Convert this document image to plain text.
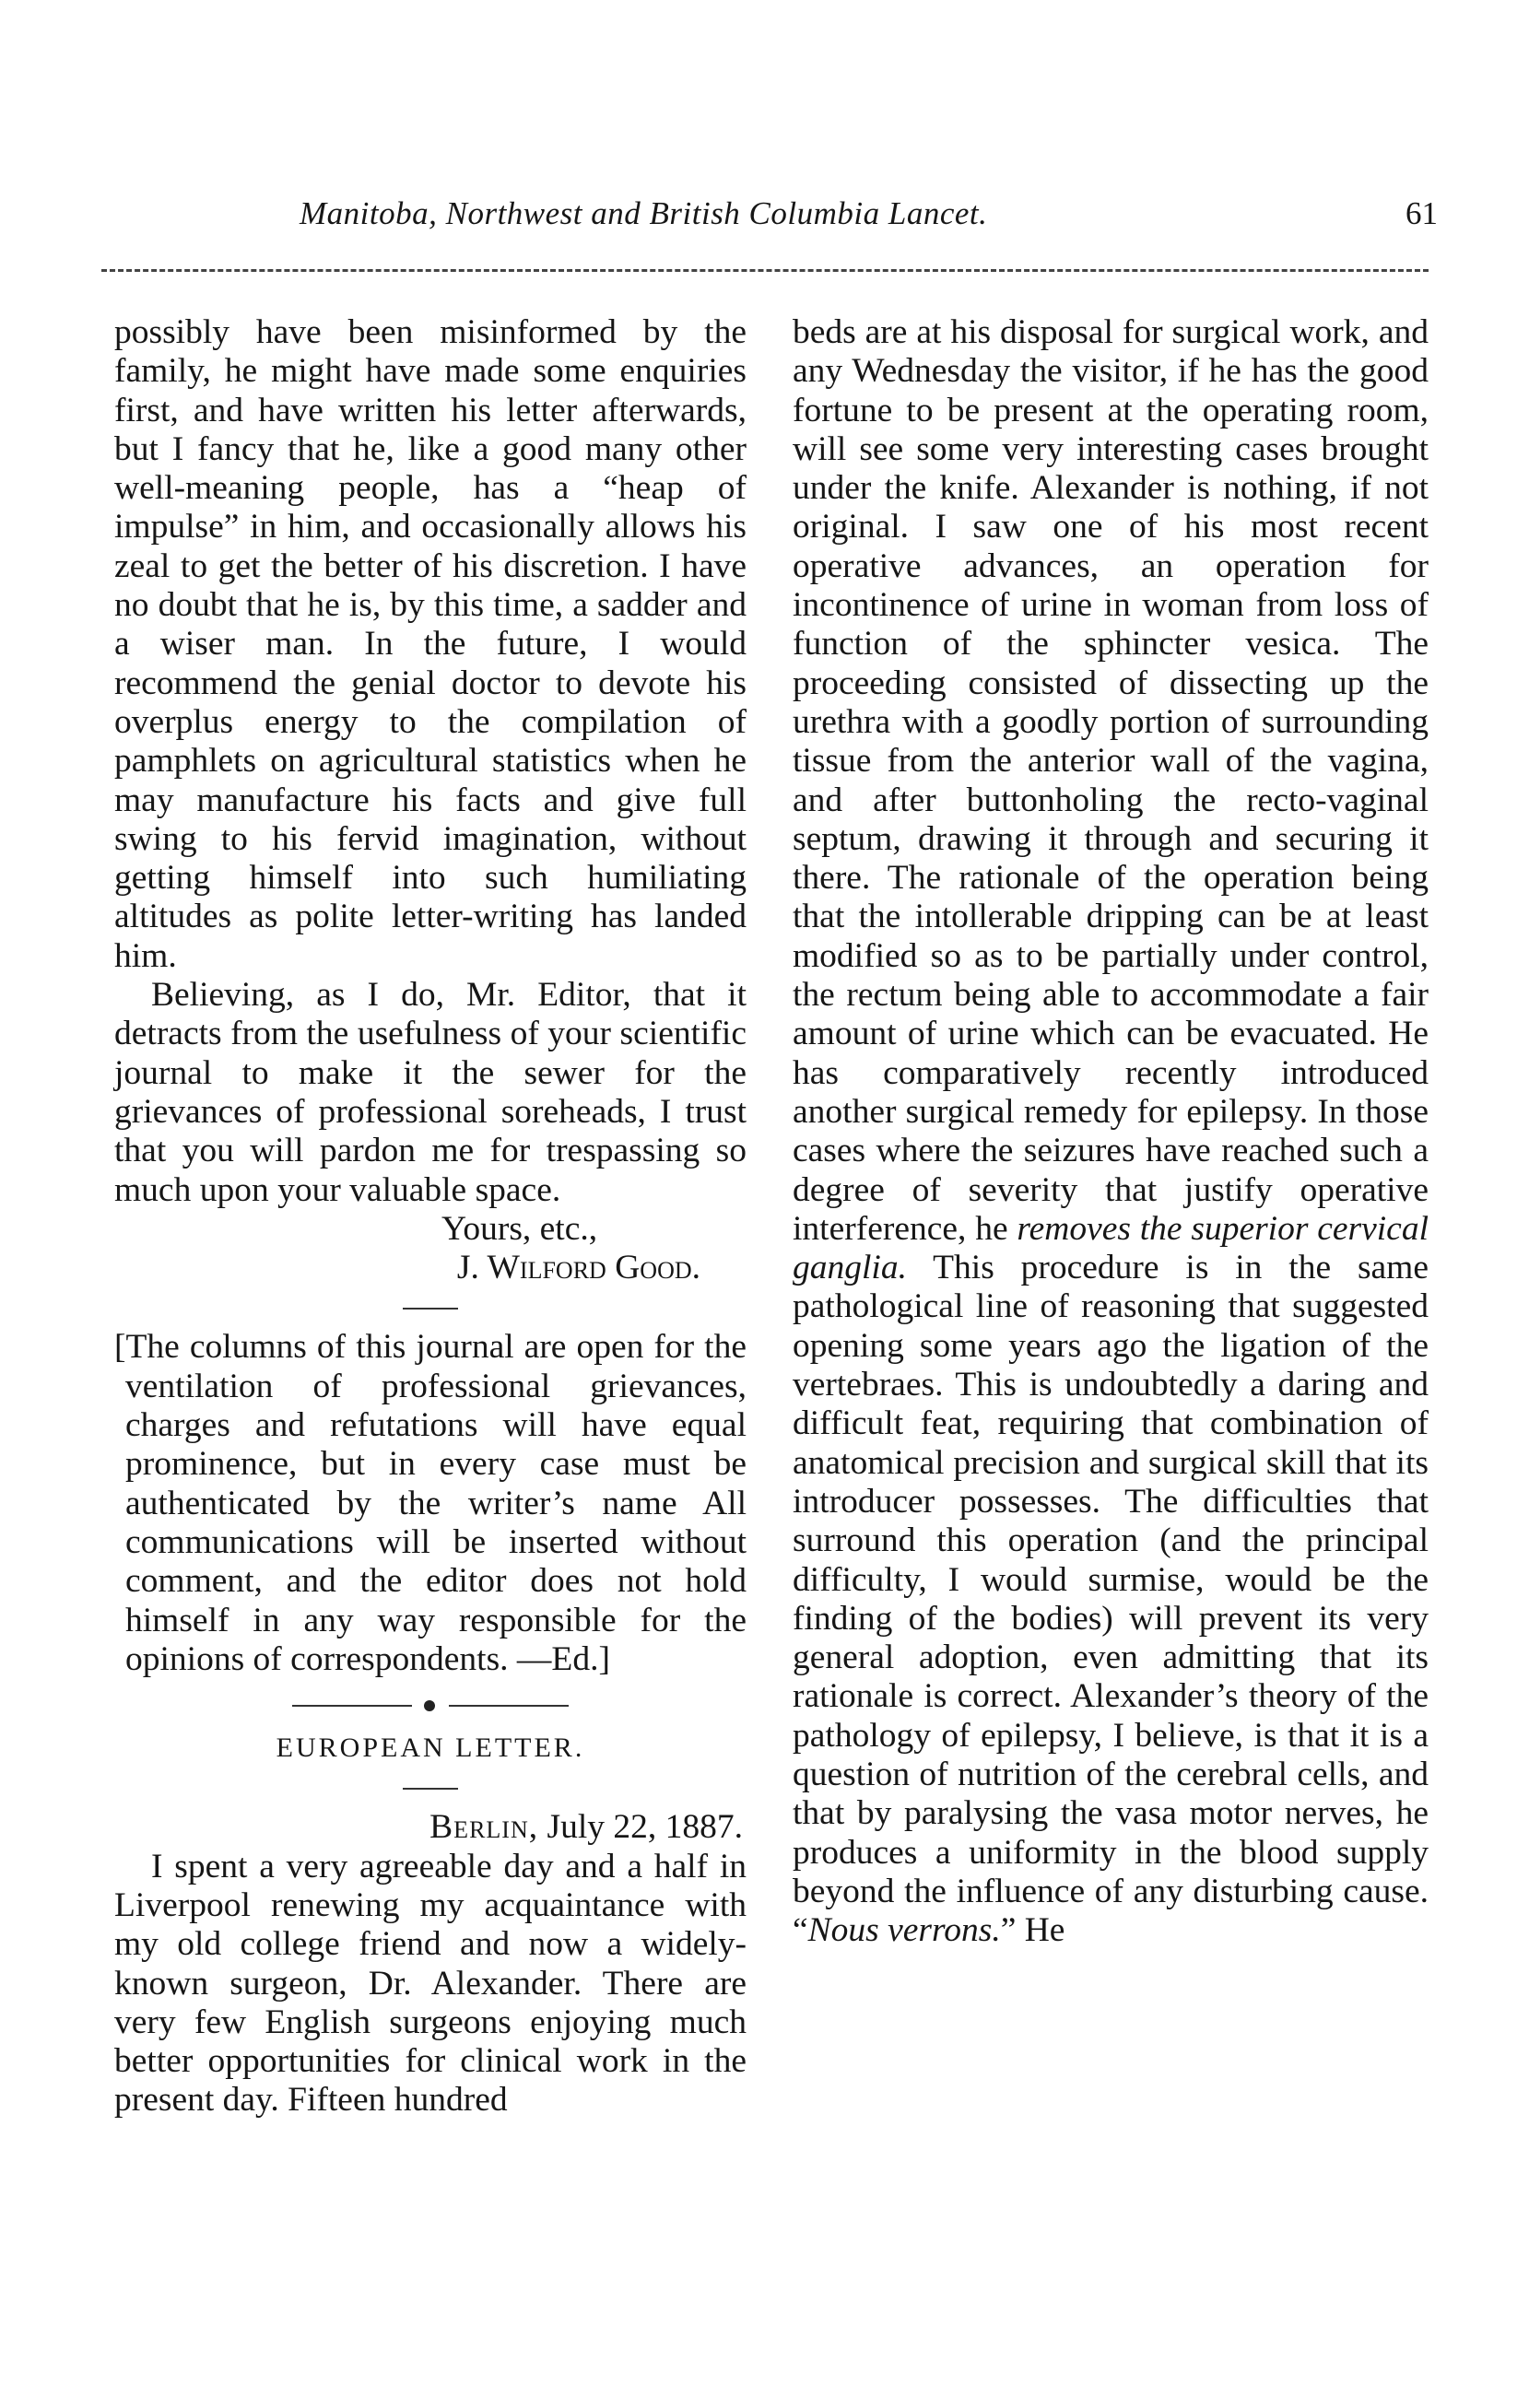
Manitoba, Northwest and British Columbia Lancet.	61

possibly have been misinformed by the family, he might have made some enquiries first, and have written his letter afterwards, but I fancy that he, like a good many other well-meaning people, has a “heap of impulse” in him, and occasionally allows his zeal to get the better of his discretion. I have no doubt that he is, by this time, a sadder and a wiser man. In the future, I would recommend the genial doctor to devote his overplus energy to the compilation of pamphlets on agricultural statistics when he may manufacture his facts and give full swing to his fervid imagination, without getting himself into such humiliating altitudes as polite letter-writing has landed him.

Believing, as I do, Mr. Editor, that it detracts from the usefulness of your scientific journal to make it the sewer for the grievances of professional soreheads, I trust that you will pardon me for trespassing so much upon your valuable space.

Yours, etc.,

J. Wilford Good.

[The columns of this journal are open for the ventilation of professional grievances, charges and refutations will have equal prominence, but in every case must be authenticated by the writer’s name All communications will be inserted without comment, and the editor does not hold himself in any way responsible for the opinions of correspondents. —Ed.]

EUROPEAN LETTER.

Berlin, July 22, 1887.

I spent a very agreeable day and a half in Liverpool renewing my acquaintance with my old college friend and now a widely-known surgeon, Dr. Alexander. There are very few English surgeons enjoying much better opportunities for clinical work in the present day. Fifteen hundred

beds are at his disposal for surgical work, and any Wednesday the visitor, if he has the good fortune to be present at the operating room, will see some very interesting cases brought under the knife. Alexander is nothing, if not original. I saw one of his most recent operative advances, an operation for incontinence of urine in woman from loss of function of the sphincter vesica. The proceeding consisted of dissecting up the urethra with a goodly portion of surrounding tissue from the anterior wall of the vagina, and after buttonholing the recto-vaginal septum, drawing it through and securing it there. The rationale of the operation being that the intollerable dripping can be at least modified so as to be partially under control, the rectum being able to accommodate a fair amount of urine which can be evacuated. He has comparatively recently introduced another surgical remedy for epilepsy. In those cases where the seizures have reached such a degree of severity that justify operative interference, he removes the superior cervical ganglia. This procedure is in the same pathological line of reasoning that suggested opening some years ago the ligation of the vertebraes. This is undoubtedly a daring and difficult feat, requiring that combination of anatomical precision and surgical skill that its introducer possesses. The difficulties that surround this operation (and the principal difficulty, I would surmise, would be the finding of the bodies) will prevent its very general adoption, even admitting that its rationale is correct. Alexander’s theory of the pathology of epilepsy, I believe, is that it is a question of nutrition of the cerebral cells, and that by paralysing the vasa motor nerves, he produces a uniformity in the blood supply beyond the influence of any disturbing cause. “Nous verrons.” He
